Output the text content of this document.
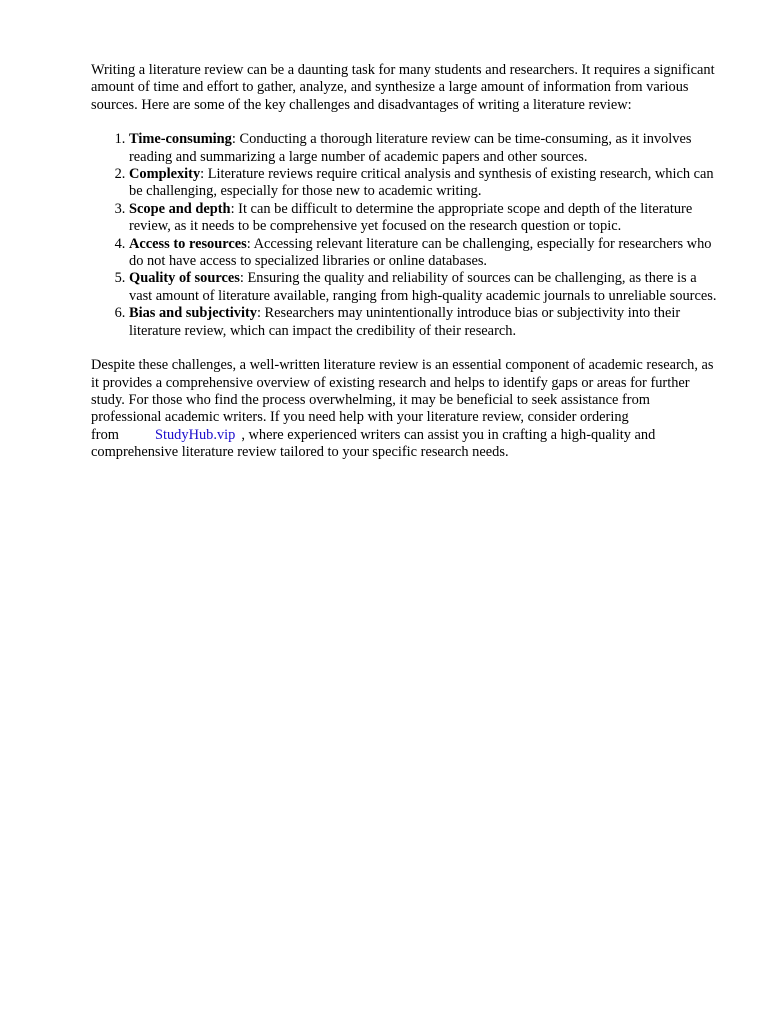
Writing a literature review can be a daunting task for many students and researchers. It requires a significant amount of time and effort to gather, analyze, and synthesize a large amount of information from various sources. Here are some of the key challenges and disadvantages of writing a literature review:

1. Time-consuming: Conducting a thorough literature review can be time-consuming, as it involves reading and summarizing a large number of academic papers and other sources.
2. Complexity: Literature reviews require critical analysis and synthesis of existing research, which can be challenging, especially for those new to academic writing.
3. Scope and depth: It can be difficult to determine the appropriate scope and depth of the literature review, as it needs to be comprehensive yet focused on the research question or topic.
4. Access to resources: Accessing relevant literature can be challenging, especially for researchers who do not have access to specialized libraries or online databases.
5. Quality of sources: Ensuring the quality and reliability of sources can be challenging, as there is a vast amount of literature available, ranging from high-quality academic journals to unreliable sources.
6. Bias and subjectivity: Researchers may unintentionally introduce bias or subjectivity into their literature review, which can impact the credibility of their research.

Despite these challenges, a well-written literature review is an essential component of academic research, as it provides a comprehensive overview of existing research and helps to identify gaps or areas for further study. For those who find the process overwhelming, it may be beneficial to seek assistance from professional academic writers. If you need help with your literature review, consider ordering from	StudyHub.vip , where experienced writers can assist you in crafting a high-quality and comprehensive literature review tailored to your specific research needs.
